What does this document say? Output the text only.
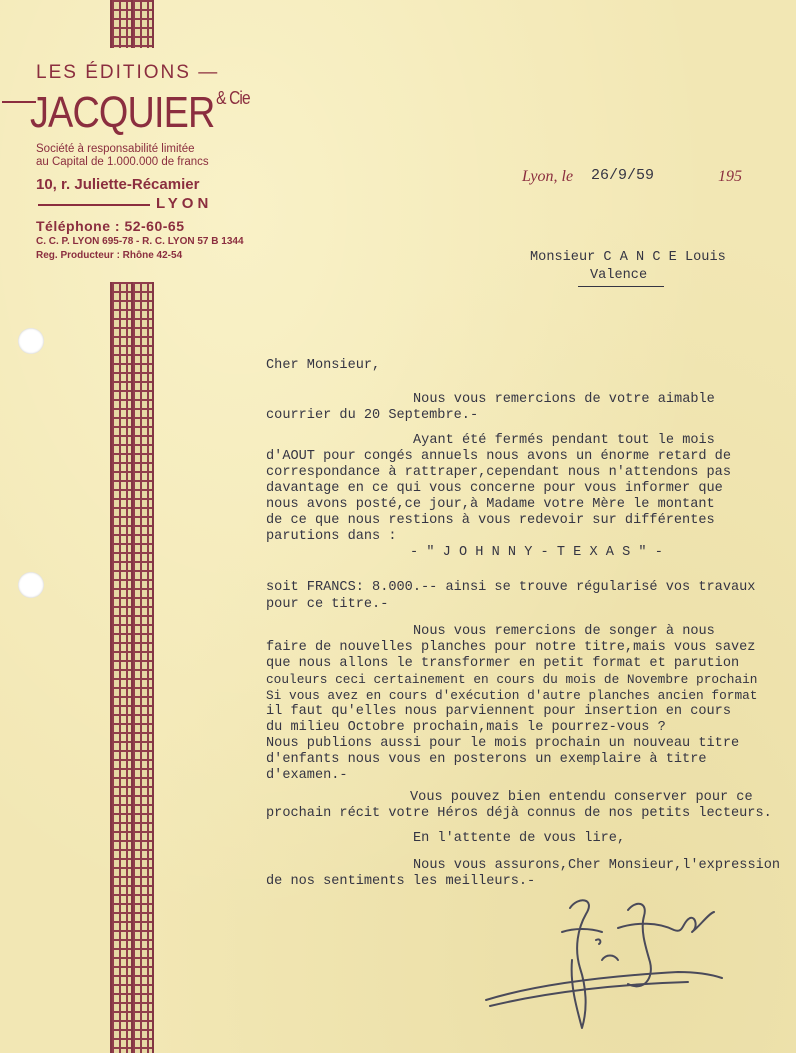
LES ÉDITIONS —
$JACQUIER^{\& Cie}$
Société à responsabilité limitée
au Capital de 1.000.000 de francs
10, r. Juliette-Récamier
LYON
Téléphone : 52-60-65
C. C. P. LYON 695-78 - R. C. LYON 57 B 1344
Reg. Producteur : Rhône 42-54
Lyon, le 26/9/59	195
Monsieur C A N C E Louis
Valence
Cher Monsieur,
Nous vous remercions de votre aimable
courrier du 20 Septembre.-
Ayant été fermés pendant tout le mois
d'AOUT pour congés annuels nous avons un énorme retard de
correspondance à rattraper,cependant nous n'attendons pas
davantage en ce qui vous concerne pour vous informer que
nous avons posté,ce jour,à Madame votre Mère le montant
de ce que nous restions à vous redevoir sur différentes
parutions dans :
- " J O H N N Y - T E X A S " -
soit FRANCS: 8.000.-- ainsi se trouve régularisé vos travaux
pour ce titre.-
Nous vous remercions de songer à nous
faire de nouvelles planches pour notre titre,mais vous savez
que nous allons le transformer en petit format et parution
couleurs ceci certainement en cours du mois de Novembre prochain
Si vous avez en cours d'exécution d'autre planches ancien format
il faut qu'elles nous parviennent pour insertion en cours
du milieu Octobre prochain,mais le pourrez-vous ?
Nous publions aussi pour le mois prochain un nouveau titre
d'enfants nous vous en posterons un exemplaire à titre
d'examen.-
Vous pouvez bien entendu conserver pour ce
prochain récit votre Héros déjà connus de nos petits lecteurs.
En l'attente de vous lire,
Nous vous assurons,Cher Monsieur,l'expression
de nos sentiments les meilleurs.-
